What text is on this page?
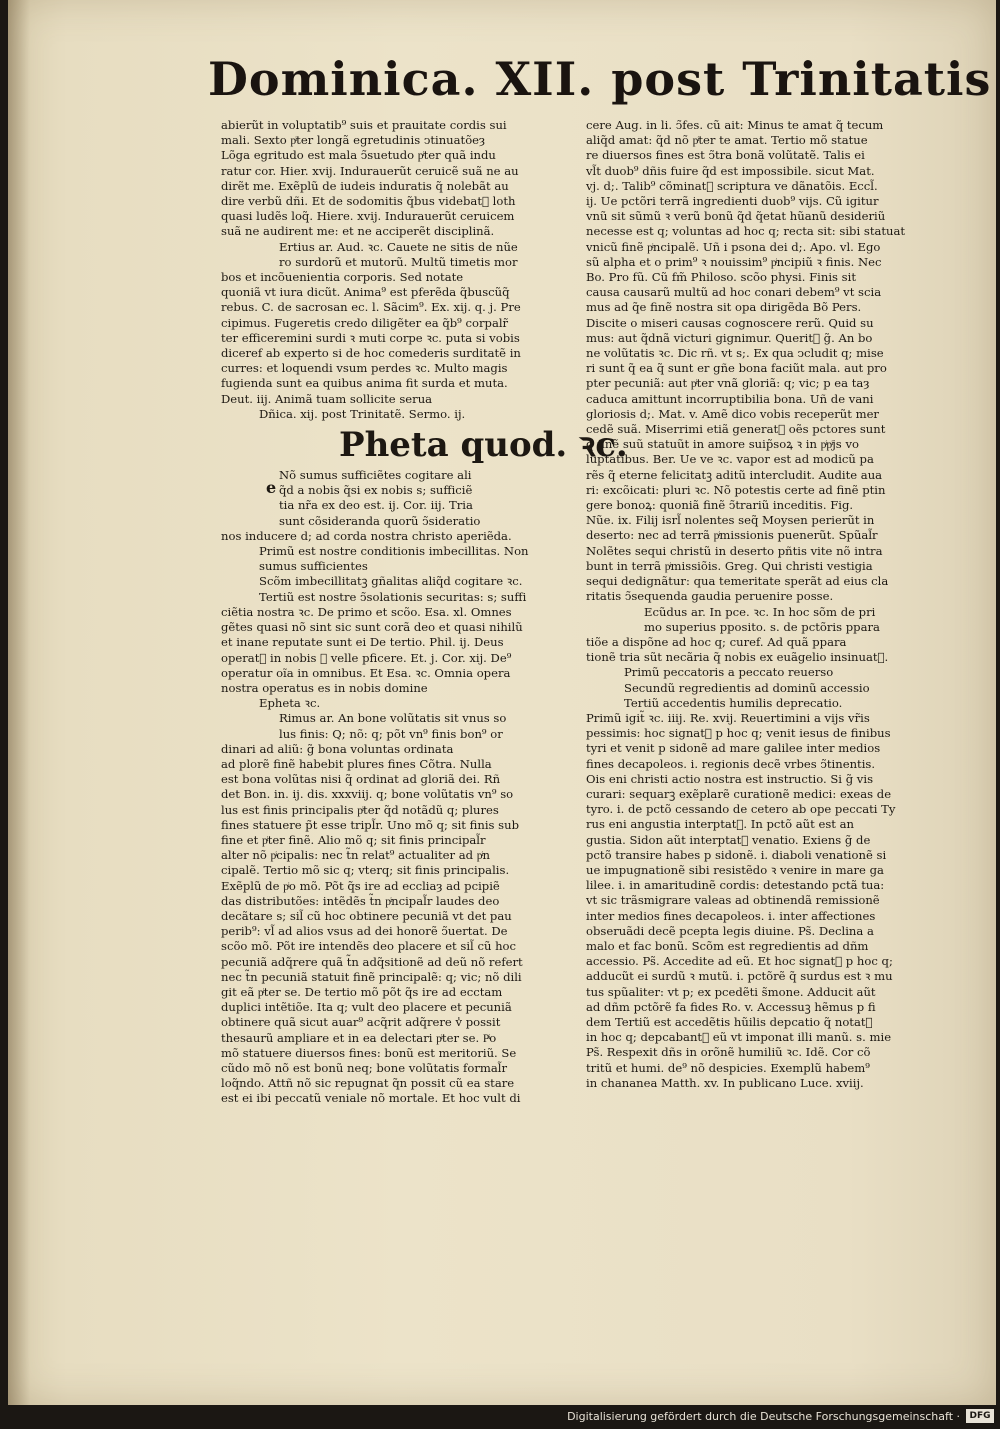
Dominica. XII. post Trinitatis
e

abierũt in voluptatib⁹ suis et prauitate cordis sui

mali. Sexto pͥter longã egretudinis ↄtinuatõeȝ

Lõga egritudo est mala ↄ̃suetudo pͥter quã indu

ratur cor. Hier. xvij. Indurauerũt ceruicẽ suã ne au

dirẽt me. Exẽplũ de iudeis induratis q̃ nolebãt au

dire verbũ dñi. Et de sodomitis q̃bus videbatᷣ loth

quasi ludẽs loq̃. Hiere. xvij. Indurauerũt ceruicem

suã ne audirent me: et ne acciperẽt disciplinã.

Ertius ar. Aud. ꝛc. Cauete ne sitis de nũe

ro surdorũ et mutorũ. Multũ timetis mor

bos et incõuenientia corporis. Sed notate

quoniã vt iura dicũt. Anima⁹ est pferẽda q̃buscũq̃

rebus. C. de sacrosan ec. l. Sãcim⁹. Ex. xij. q. j. Pre

cipimus. Fugeretis credo diligẽter ea q̃b⁹ corpalr̃

ter efficeremini surdi ꝛ muti corpe ꝛc. puta si vobis

diceref ab experto si de hoc comederis surditatẽ in

curres: et loquendi vsum perdes ꝛc. Multo magis

fugienda sunt ea quibus anima fit surda et muta.

Deut. iij. Animã tuam sollicite serua

Dñica. xij. post Trinitatẽ. Sermo. ij.

Pheta quod. ꝛc.

Nõ sumus sufficiẽtes cogitare ali

q̃d a nobis q̃si ex nobis s; sufficiẽ

tia nr̃a ex deo est. ij. Cor. iij. Tria

sunt cõsideranda quorũ ↄ̃sideratio

nos inducere d; ad corda nostra christo aperiẽda.

Primũ est nostre conditionis imbecillitas. Non

sumus sufficientes

Scõm imbecillitatꝫ gñalitas aliq̃d cogitare ꝛc.

Tertiũ est nostre ↄ̃solationis securitas: s; suffi

ciẽtia nostra ꝛc. De primo et scõo. Esa. xl. Omnes

gẽtes quasi nõ sint sic sunt corã deo et quasi nihilũ

et inane reputate sunt ei De tertio. Phil. ij. Deus

operatᷣ in nobis ꝛ velle pficere. Et. j. Cor. xij. De⁹

operatur oĩa in omnibus. Et Esa. ꝛc. Omnia opera

nostra operatus es in nobis domine

Epheta ꝛc.

Rimus ar. An bone volũtatis sit vnus so

lus finis: Q; nõ: q; põt vn⁹ finis bon⁹ or

dinari ad aliũ: g̃ bona voluntas ordinata

ad plorẽ finẽ habebit plures fines Cõtra. Nulla

est bona volũtas nisi q̃ ordinat ad gloriã dei. Rñ

det Bon. in. ij. dis. xxxviij. q; bone volũtatis vn⁹ so

lus est finis principalis pͥter q̃d notãdũ q; plures

fines statuere p̃t esse tripl̃r. Uno mõ q; sit finis sub

fine et pͥter finẽ. Alio mõ q; sit finis principal̃r

alter nõ pͥcipalis: nec t̃n relat⁹ actualiter ad pͥn

cipalẽ. Tertio mõ sic q; vterq; sit finis principalis.

Exẽplũ de pͥo mõ. Põt q̃s ire ad eccliaȝ ad pcipiẽ

das distributões: intẽdẽs t̃n pͥncipal̃r laudes deo

decãtare s; sil̃ cũ hoc obtinere pecuniã vt det pau

perib⁹: vl̃ ad alios vsus ad dei honorẽ ↄ̃uertat. De

scõo mõ. Põt ire intendẽs deo placere et sil̃ cũ hoc

pecuniã adq̃rere quã t̃n adq̃sitionẽ ad deũ nõ refert

nec t̃n pecuniã statuit finẽ principalẽ: q; vic; nõ dili

git eã pͥter se. De tertio mõ põt q̃s ire ad ecctam

duplici intẽtiõe. Ita q; vult deo placere et pecuniã

obtinere quã sicut auar⁹ acq̃rit adq̃rere v̾ possit

thesaurũ ampliare et in ea delectari pͥter se. Pͥo

mõ statuere diuersos fines: bonũ est meritoriũ. Se

cũdo mõ nõ est bonũ neq; bone volũtatis formal̃r

loq̃ndo. Attñ nõ sic repugnat q̃n possit cũ ea stare

est ei ibi peccatũ veniale nõ mortale. Et hoc vult di

cere Aug. in li. ↄ̃fes. cũ ait: Minus te amat q̃ tecum

aliq̃d amat: q̃d nõ pͥter te amat. Tertio mõ statue

re diuersos fines est ↄ̃tra bonã volũtatẽ. Talis ei

vl̃t duob⁹ dñis fuire q̃d est impossibile. sicut Mat.

vj. d;. Talib⁹ cõminatᷣ scriptura ve dãnatõis. Eccl̃.

ij. Ue pctõri terrã ingredienti duob⁹ vijs. Cũ igitur

vnũ sit sũmũ ꝛ verũ bonũ q̃d q̃etat hũanũ desideriũ

necesse est q; voluntas ad hoc q; recta sit: sibi statuat

vnicũ finẽ pͥncipalẽ. Uñ i psona dei d;. Apo. vl. Ego

sũ alpha et o prim⁹ ꝛ nouissim⁹ pͥncipiũ ꝛ finis. Nec

Bo. Pro fũ. Cũ fm̃ Philoso. scõo physi. Finis sit

causa causarũ multũ ad hoc conari debem⁹ vt scia

mus ad q̃e finẽ nostra sit opa dirigẽda Bõ Pers.

Discite o miseri causas cognoscere rerũ. Quid su

mus: aut q̃dnã victuri gignimur. Queritᷣ g̃. An bo

ne volũtatis ꝛc. Dic rñ. vt s;. Ex qua ↄcludit q; mise

ri sunt q̃ ea q̃ sunt er gñe bona faciũt mala. aut pro

pter pecuniã: aut pͥter vnã gloriã: q; vic; p ea taȝ

caduca amittunt incorruptibilia bona. Uñ de vani

gloriosis d;. Mat. v. Amẽ dico vobis receperũt mer

cedẽ suã. Miserrimi etiã generatᷣ oẽs pctores sunt

q̃ finẽ suũ statuũt in amore suip̃soꝝ ꝛ in pͥpͥjs vo

luptatibus. Ber. Ue ve ꝛc. vapor est ad modicũ pa

rẽs q̃ eterne felicitatꝫ aditũ intercludit. Audite aua

ri: excõicati: pluri ꝛc. Nõ potestis certe ad finẽ ptin

gere bonoꝝ: quoniã finẽ ↄ̃trariũ inceditis. Fig.

Nũe. ix. Filij isrl̃ nolentes seq̃ Moysen perierũt in

deserto: nec ad terrã pͥmissionis puenerũt. Spũal̃r

Nolẽtes sequi christũ in deserto pñtis vite nõ intra

bunt in terrã pͥmissiõis. Greg. Qui christi vestigia

sequi dedignãtur: qua temeritate sperãt ad eius cla

ritatis ↄ̃sequenda gaudia peruenire posse.

Ecũdus ar. In pce. ꝛc. In hoc sõm de pri

mo superius pposito. s. de pctõris ppara

tiõe a dispõne ad hoc q; curef. Ad quã ppara

tionẽ tria sũt necãria q̃ nobis ex euãgelio insinuatᷣ.

Primũ peccatoris a peccato reuerso

Secundũ regredientis ad dominũ accessio

Tertiũ accedentis humilis deprecatio.

Primũ igit̃ ꝛc. iiij. Re. xvij. Reuertimini a vijs vr̃is

pessimis: hoc signatᷣ p hoc q; venit iesus de finibus

tyri et venit p sidonẽ ad mare galilee inter medios

fines decapoleos. i. regionis decẽ vrbes ↄ̃tinentis.

Ois eni christi actio nostra est instructio. Si g̃ vis

curari: sequarꝫ exẽplarẽ curationẽ medici: exeas de

tyro. i. de pctõ cessando de cetero ab ope peccati Ty

rus eni angustia interptatᷣ. In pctõ aũt est an

gustia. Sidon aũt interptatᷣ venatio. Exiens g̃ de

pctõ transire habes p sidonẽ. i. diaboli venationẽ si

ue impugnationẽ sibi resistẽdo ꝛ venire in mare ga

lilee. i. in amaritudinẽ cordis: detestando pctã tua:

vt sic trãsmigrare valeas ad obtinendã remissionẽ

inter medios fines decapoleos. i. inter affectiones

obseruãdi decẽ pcepta legis diuine. Ps̃. Declina a

malo et fac bonũ. Scõm est regredientis ad dñm

accessio. Ps̃. Accedite ad eũ. Et hoc signatᷣ p hoc q;

adducũt ei surdũ ꝛ mutũ. i. pctõrẽ q̃ surdus est ꝛ mu

tus spũaliter: vt p; ex pcedẽti s̃mone. Adducit aũt

ad dñm pctõrẽ fa fides Ro. v. Accessuꝫ hẽmus p fi

dem Tertiũ est accedẽtis hũilis depcatio q̃ notatᷣ

in hoc q; depcabantᷣ eũ vt imponat illi manũ. s. mie

Ps̃. Respexit dñs in orõnẽ humiliũ ꝛc. Idẽ. Cor cõ

tritũ et humi. de⁹ nõ despicies. Exemplũ habem⁹

in chananea Matth. xv. In publicano Luce. xviij.

Digitalisierung gefördert durch die Deutsche Forschungsgemeinschaft ·	DFG
